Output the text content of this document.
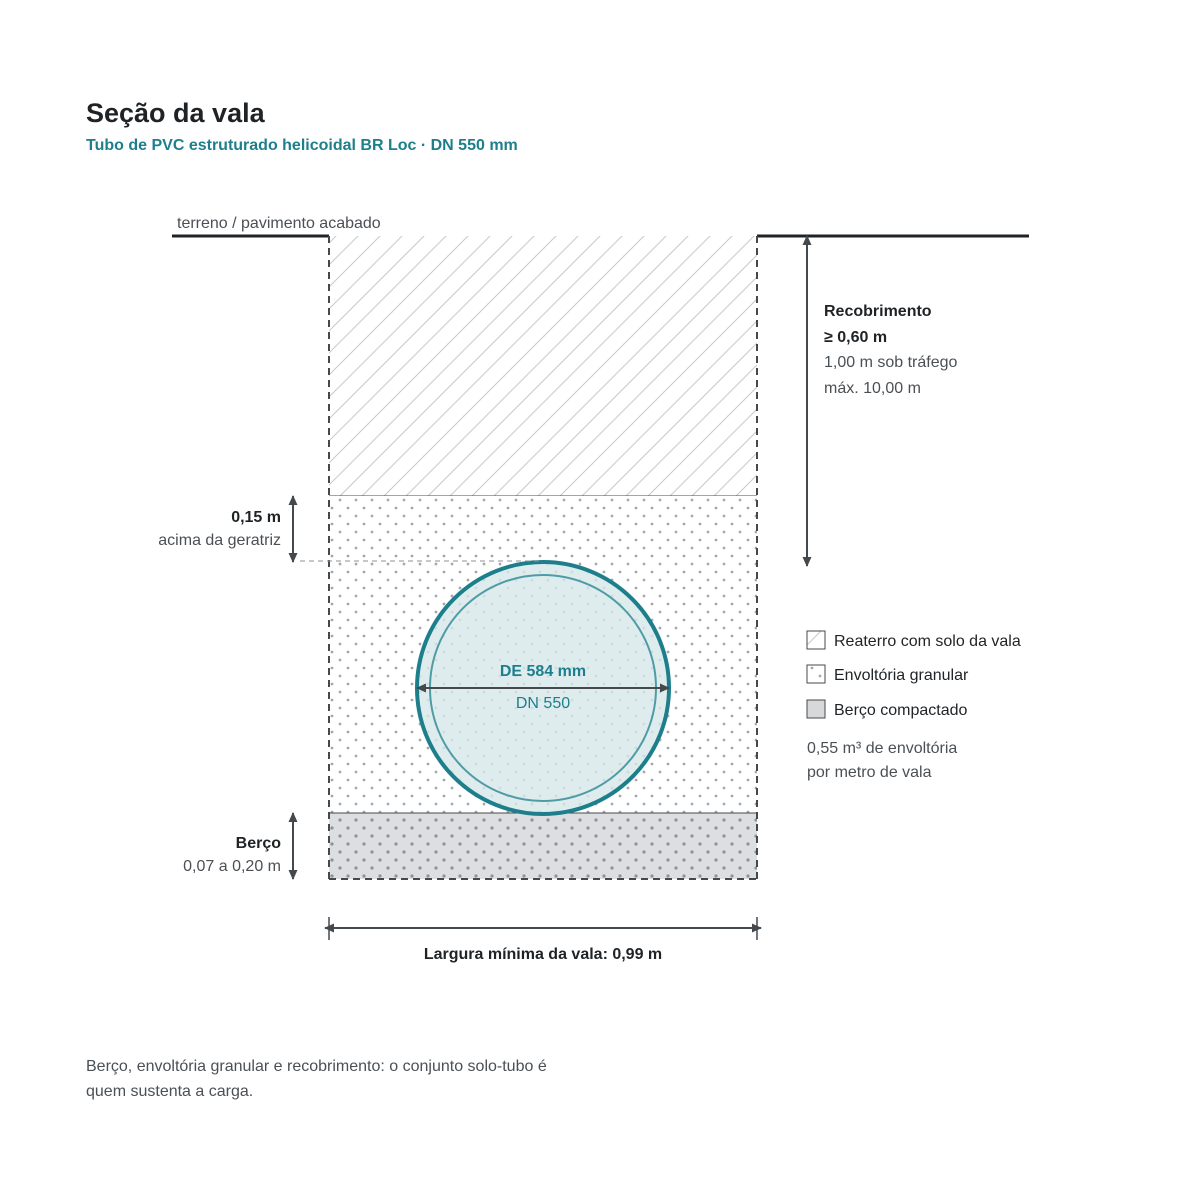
Seção da vala
Tubo de PVC estruturado helicoidal BR Loc · DN 550 mm
terreno / pavimento acabado
DE 584 mm
DN 550
Recobrimento
≥ 0,60 m
1,00 m sob tráfego
máx. 10,00 m
0,15 m
acima da geratriz
Berço
0,07 a 0,20 m
Largura mínima da vala: 0,99 m
Reaterro com solo da vala
Envoltória granular
Berço compactado
0,55 m³ de envoltória
por metro de vala
Berço, envoltória granular e recobrimento: o conjunto solo-tubo é
quem sustenta a carga.
